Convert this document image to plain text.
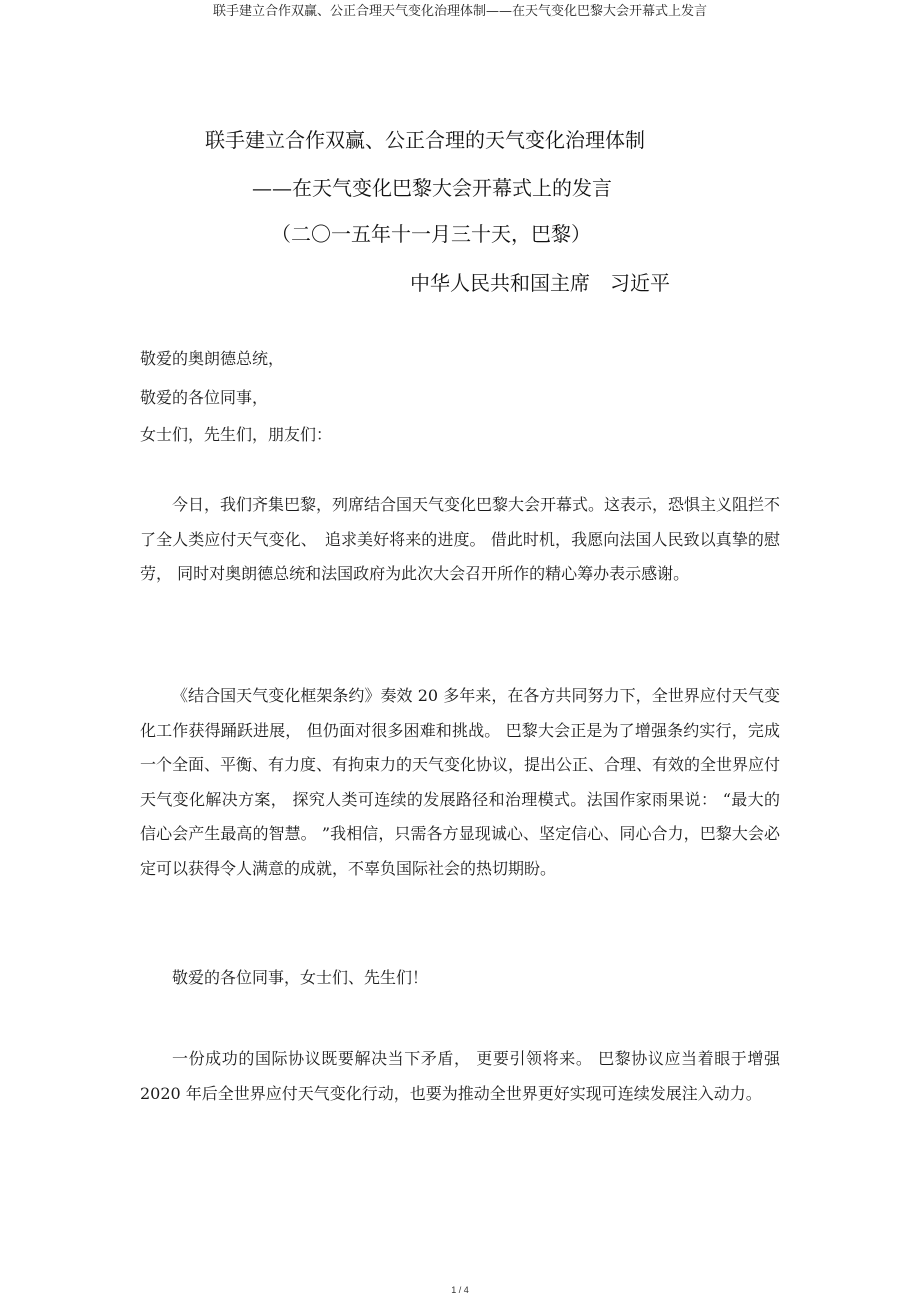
联手建立合作双赢、公正合理天气变化治理体制——在天气变化巴黎大会开幕式上发言
联手建立合作双赢、公正合理的天气变化治理体制
——在天气变化巴黎大会开幕式上的发言
（二〇一五年十一月三十天，巴黎）
中华人民共和国主席 习近平
敬爱的奥朗德总统，
敬爱的各位同事，
女士们，先生们，朋友们：

今日，我们齐集巴黎，列席结合国天气变化巴黎大会开幕式。这表示，恐惧主义阻拦不了全人类应付天气变化、　追求美好将来的进度。 借此时机，我愿向法国人民致以真挚的慰劳， 同时对奥朗德总统和法国政府为此次大会召开所作的精心筹办表示感谢。

《结合国天气变化框架条约》奏效 20 多年来，在各方共同努力下，全世界应付天气变化工作获得踊跃进展， 但仍面对很多困难和挑战。 巴黎大会正是为了增强条约实行，完成一个全面、平衡、有力度、有拘束力的天气变化协议，提出公正、合理、有效的全世界应付天气变化解决方案， 探究人类可连续的发展路径和治理模式。法国作家雨果说： “最大的信心会产生最高的智慧。 ”我相信，只需各方显现诚心、坚定信心、同心合力，巴黎大会必定可以获得令人满意的成就，不辜负国际社会的热切期盼。

敬爱的各位同事，女士们、先生们！

一份成功的国际协议既要解决当下矛盾， 更要引领将来。 巴黎协议应当着眼于增强 2020 年后全世界应付天气变化行动，也要为推动全世界更好实现可连续发展注入动力。

1 / 4
